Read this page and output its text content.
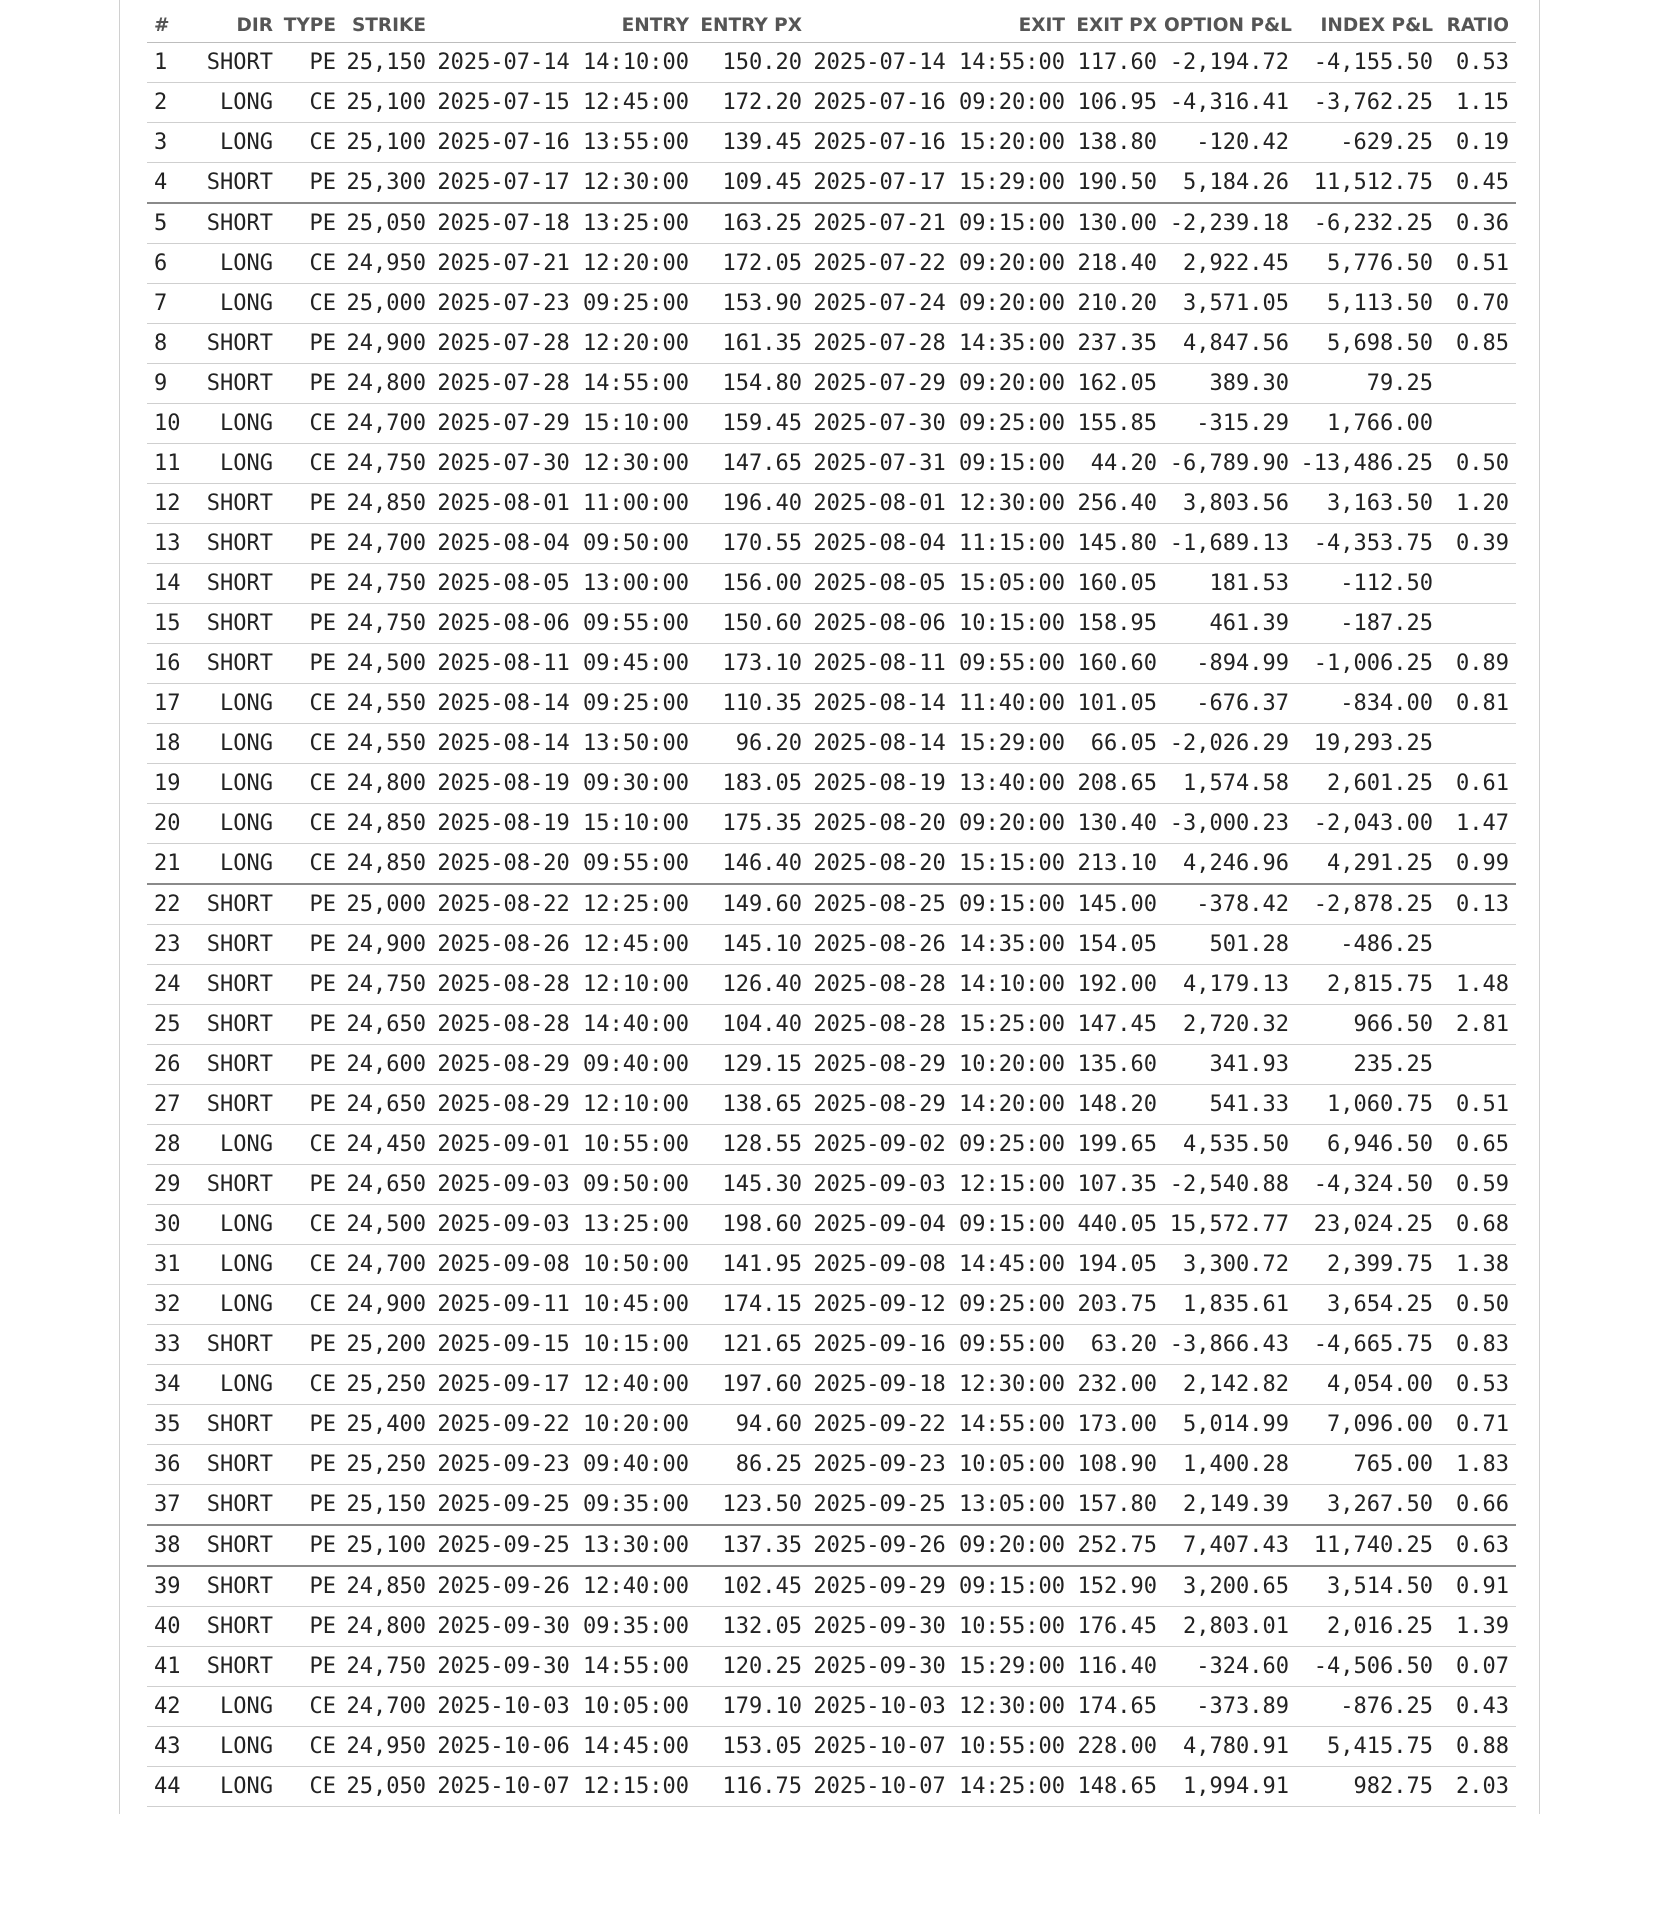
#	DIR	TYPE	STRIKE	ENTRY	ENTRY PX	EXIT	EXIT PX	OPTION P&L	INDEX P&L	RATIO
1	SHORT	PE	25,150	2025-07-14 14:10:00	150.20	2025-07-14 14:55:00	117.60	-2,194.72	-4,155.50	0.53
2	LONG	CE	25,100	2025-07-15 12:45:00	172.20	2025-07-16 09:20:00	106.95	-4,316.41	-3,762.25	1.15
3	LONG	CE	25,100	2025-07-16 13:55:00	139.45	2025-07-16 15:20:00	138.80	-120.42	-629.25	0.19
4	SHORT	PE	25,300	2025-07-17 12:30:00	109.45	2025-07-17 15:29:00	190.50	5,184.26	11,512.75	0.45
5	SHORT	PE	25,050	2025-07-18 13:25:00	163.25	2025-07-21 09:15:00	130.00	-2,239.18	-6,232.25	0.36
6	LONG	CE	24,950	2025-07-21 12:20:00	172.05	2025-07-22 09:20:00	218.40	2,922.45	5,776.50	0.51
7	LONG	CE	25,000	2025-07-23 09:25:00	153.90	2025-07-24 09:20:00	210.20	3,571.05	5,113.50	0.70
8	SHORT	PE	24,900	2025-07-28 12:20:00	161.35	2025-07-28 14:35:00	237.35	4,847.56	5,698.50	0.85
9	SHORT	PE	24,800	2025-07-28 14:55:00	154.80	2025-07-29 09:20:00	162.05	389.30	79.25	
10	LONG	CE	24,700	2025-07-29 15:10:00	159.45	2025-07-30 09:25:00	155.85	-315.29	1,766.00	
11	LONG	CE	24,750	2025-07-30 12:30:00	147.65	2025-07-31 09:15:00	44.20	-6,789.90	-13,486.25	0.50
12	SHORT	PE	24,850	2025-08-01 11:00:00	196.40	2025-08-01 12:30:00	256.40	3,803.56	3,163.50	1.20
13	SHORT	PE	24,700	2025-08-04 09:50:00	170.55	2025-08-04 11:15:00	145.80	-1,689.13	-4,353.75	0.39
14	SHORT	PE	24,750	2025-08-05 13:00:00	156.00	2025-08-05 15:05:00	160.05	181.53	-112.50	
15	SHORT	PE	24,750	2025-08-06 09:55:00	150.60	2025-08-06 10:15:00	158.95	461.39	-187.25	
16	SHORT	PE	24,500	2025-08-11 09:45:00	173.10	2025-08-11 09:55:00	160.60	-894.99	-1,006.25	0.89
17	LONG	CE	24,550	2025-08-14 09:25:00	110.35	2025-08-14 11:40:00	101.05	-676.37	-834.00	0.81
18	LONG	CE	24,550	2025-08-14 13:50:00	96.20	2025-08-14 15:29:00	66.05	-2,026.29	19,293.25	
19	LONG	CE	24,800	2025-08-19 09:30:00	183.05	2025-08-19 13:40:00	208.65	1,574.58	2,601.25	0.61
20	LONG	CE	24,850	2025-08-19 15:10:00	175.35	2025-08-20 09:20:00	130.40	-3,000.23	-2,043.00	1.47
21	LONG	CE	24,850	2025-08-20 09:55:00	146.40	2025-08-20 15:15:00	213.10	4,246.96	4,291.25	0.99
22	SHORT	PE	25,000	2025-08-22 12:25:00	149.60	2025-08-25 09:15:00	145.00	-378.42	-2,878.25	0.13
23	SHORT	PE	24,900	2025-08-26 12:45:00	145.10	2025-08-26 14:35:00	154.05	501.28	-486.25	
24	SHORT	PE	24,750	2025-08-28 12:10:00	126.40	2025-08-28 14:10:00	192.00	4,179.13	2,815.75	1.48
25	SHORT	PE	24,650	2025-08-28 14:40:00	104.40	2025-08-28 15:25:00	147.45	2,720.32	966.50	2.81
26	SHORT	PE	24,600	2025-08-29 09:40:00	129.15	2025-08-29 10:20:00	135.60	341.93	235.25	
27	SHORT	PE	24,650	2025-08-29 12:10:00	138.65	2025-08-29 14:20:00	148.20	541.33	1,060.75	0.51
28	LONG	CE	24,450	2025-09-01 10:55:00	128.55	2025-09-02 09:25:00	199.65	4,535.50	6,946.50	0.65
29	SHORT	PE	24,650	2025-09-03 09:50:00	145.30	2025-09-03 12:15:00	107.35	-2,540.88	-4,324.50	0.59
30	LONG	CE	24,500	2025-09-03 13:25:00	198.60	2025-09-04 09:15:00	440.05	15,572.77	23,024.25	0.68
31	LONG	CE	24,700	2025-09-08 10:50:00	141.95	2025-09-08 14:45:00	194.05	3,300.72	2,399.75	1.38
32	LONG	CE	24,900	2025-09-11 10:45:00	174.15	2025-09-12 09:25:00	203.75	1,835.61	3,654.25	0.50
33	SHORT	PE	25,200	2025-09-15 10:15:00	121.65	2025-09-16 09:55:00	63.20	-3,866.43	-4,665.75	0.83
34	LONG	CE	25,250	2025-09-17 12:40:00	197.60	2025-09-18 12:30:00	232.00	2,142.82	4,054.00	0.53
35	SHORT	PE	25,400	2025-09-22 10:20:00	94.60	2025-09-22 14:55:00	173.00	5,014.99	7,096.00	0.71
36	SHORT	PE	25,250	2025-09-23 09:40:00	86.25	2025-09-23 10:05:00	108.90	1,400.28	765.00	1.83
37	SHORT	PE	25,150	2025-09-25 09:35:00	123.50	2025-09-25 13:05:00	157.80	2,149.39	3,267.50	0.66
38	SHORT	PE	25,100	2025-09-25 13:30:00	137.35	2025-09-26 09:20:00	252.75	7,407.43	11,740.25	0.63
39	SHORT	PE	24,850	2025-09-26 12:40:00	102.45	2025-09-29 09:15:00	152.90	3,200.65	3,514.50	0.91
40	SHORT	PE	24,800	2025-09-30 09:35:00	132.05	2025-09-30 10:55:00	176.45	2,803.01	2,016.25	1.39
41	SHORT	PE	24,750	2025-09-30 14:55:00	120.25	2025-09-30 15:29:00	116.40	-324.60	-4,506.50	0.07
42	LONG	CE	24,700	2025-10-03 10:05:00	179.10	2025-10-03 12:30:00	174.65	-373.89	-876.25	0.43
43	LONG	CE	24,950	2025-10-06 14:45:00	153.05	2025-10-07 10:55:00	228.00	4,780.91	5,415.75	0.88
44	LONG	CE	25,050	2025-10-07 12:15:00	116.75	2025-10-07 14:25:00	148.65	1,994.91	982.75	2.03
